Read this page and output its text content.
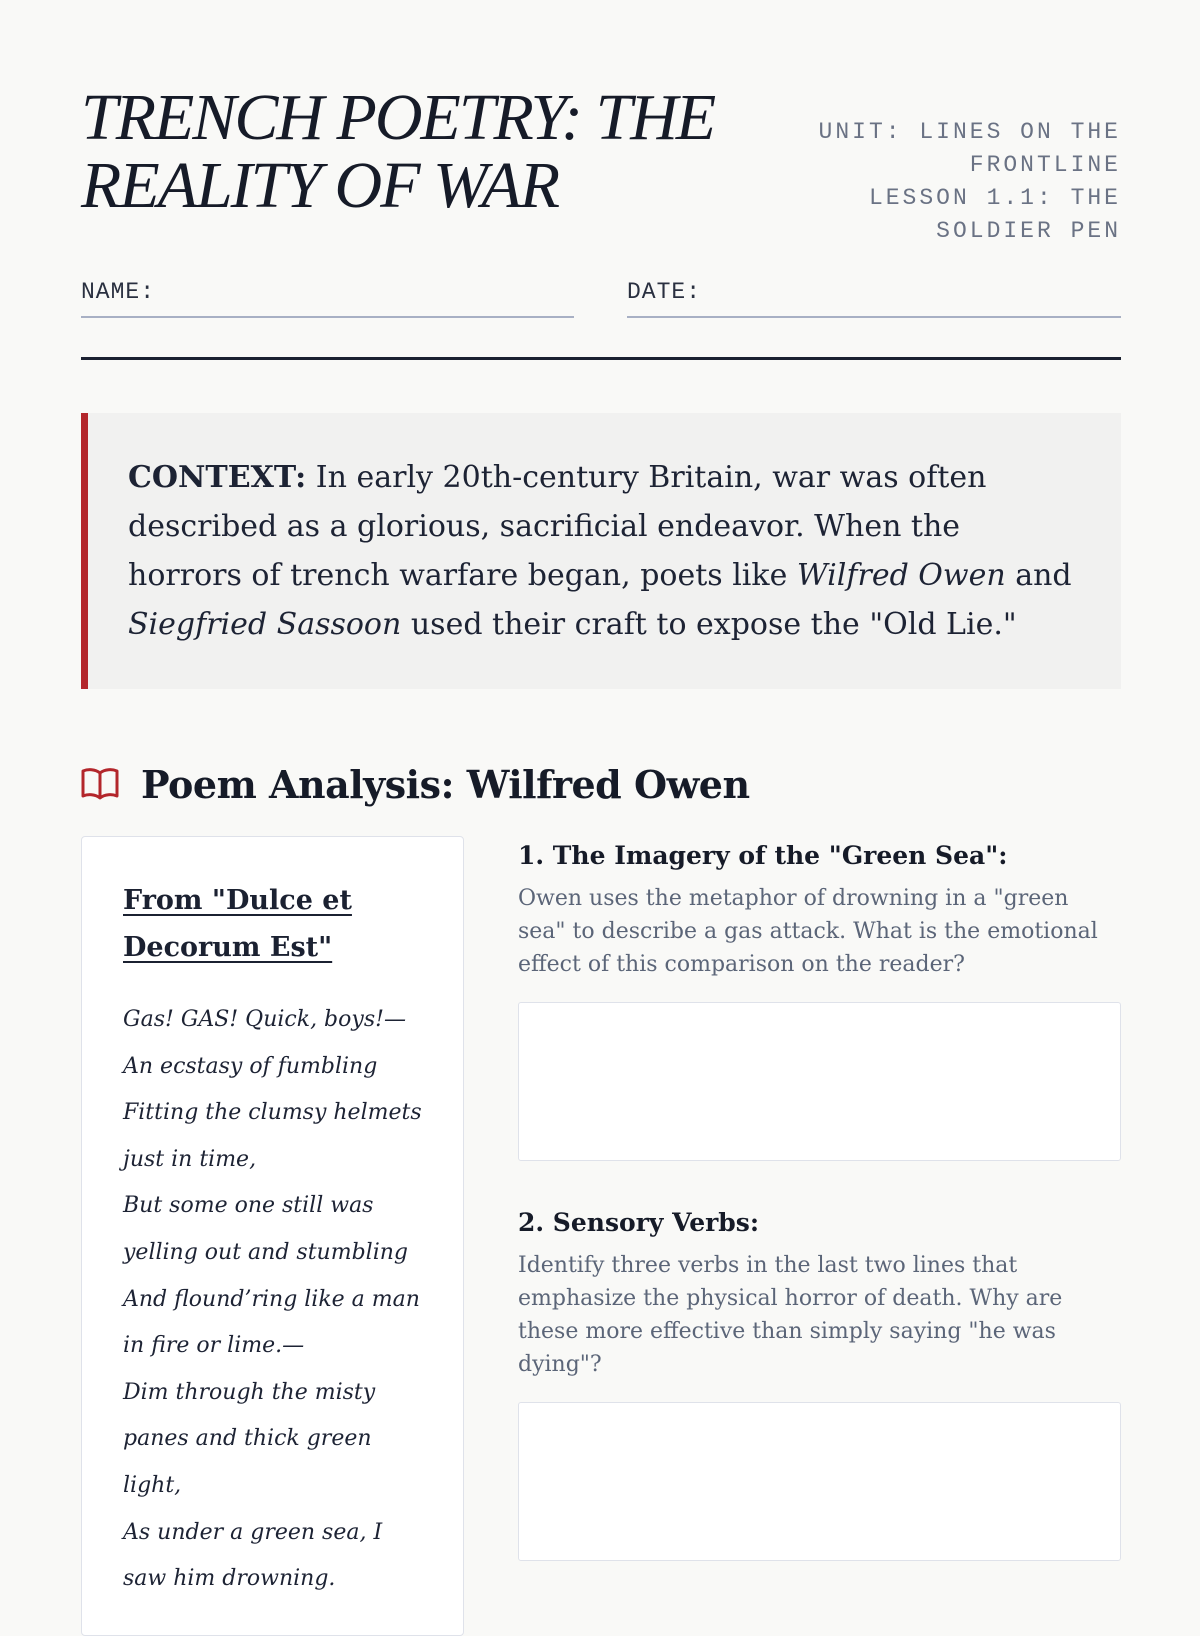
TRENCH POETRY: THE REALITY OF WAR
UNIT: LINES ON THE
FRONTLINE
LESSON 1.1: THE
SOLDIER PEN
NAME:	DATE:
CONTEXT: In early 20th-century Britain, war was often described as a glorious, sacrificial endeavor. When the horrors of trench warfare began, poets like Wilfred Owen and Siegfried Sassoon used their craft to expose the "Old Lie."
Poem Analysis: Wilfred Owen
From "Dulce et Decorum Est"
Gas! GAS! Quick, boys!—
An ecstasy of fumbling
Fitting the clumsy helmets
just in time,
But some one still was
yelling out and stumbling
And flound’ring like a man
in fire or lime.—
Dim through the misty
panes and thick green
light,
As under a green sea, I
saw him drowning.
1. The Imagery of the "Green Sea":

Owen uses the metaphor of drowning in a "green sea" to describe a gas attack. What is the emotional effect of this comparison on the reader?

2. Sensory Verbs:

Identify three verbs in the last two lines that emphasize the physical horror of death. Why are these more effective than simply saying "he was dying"?
